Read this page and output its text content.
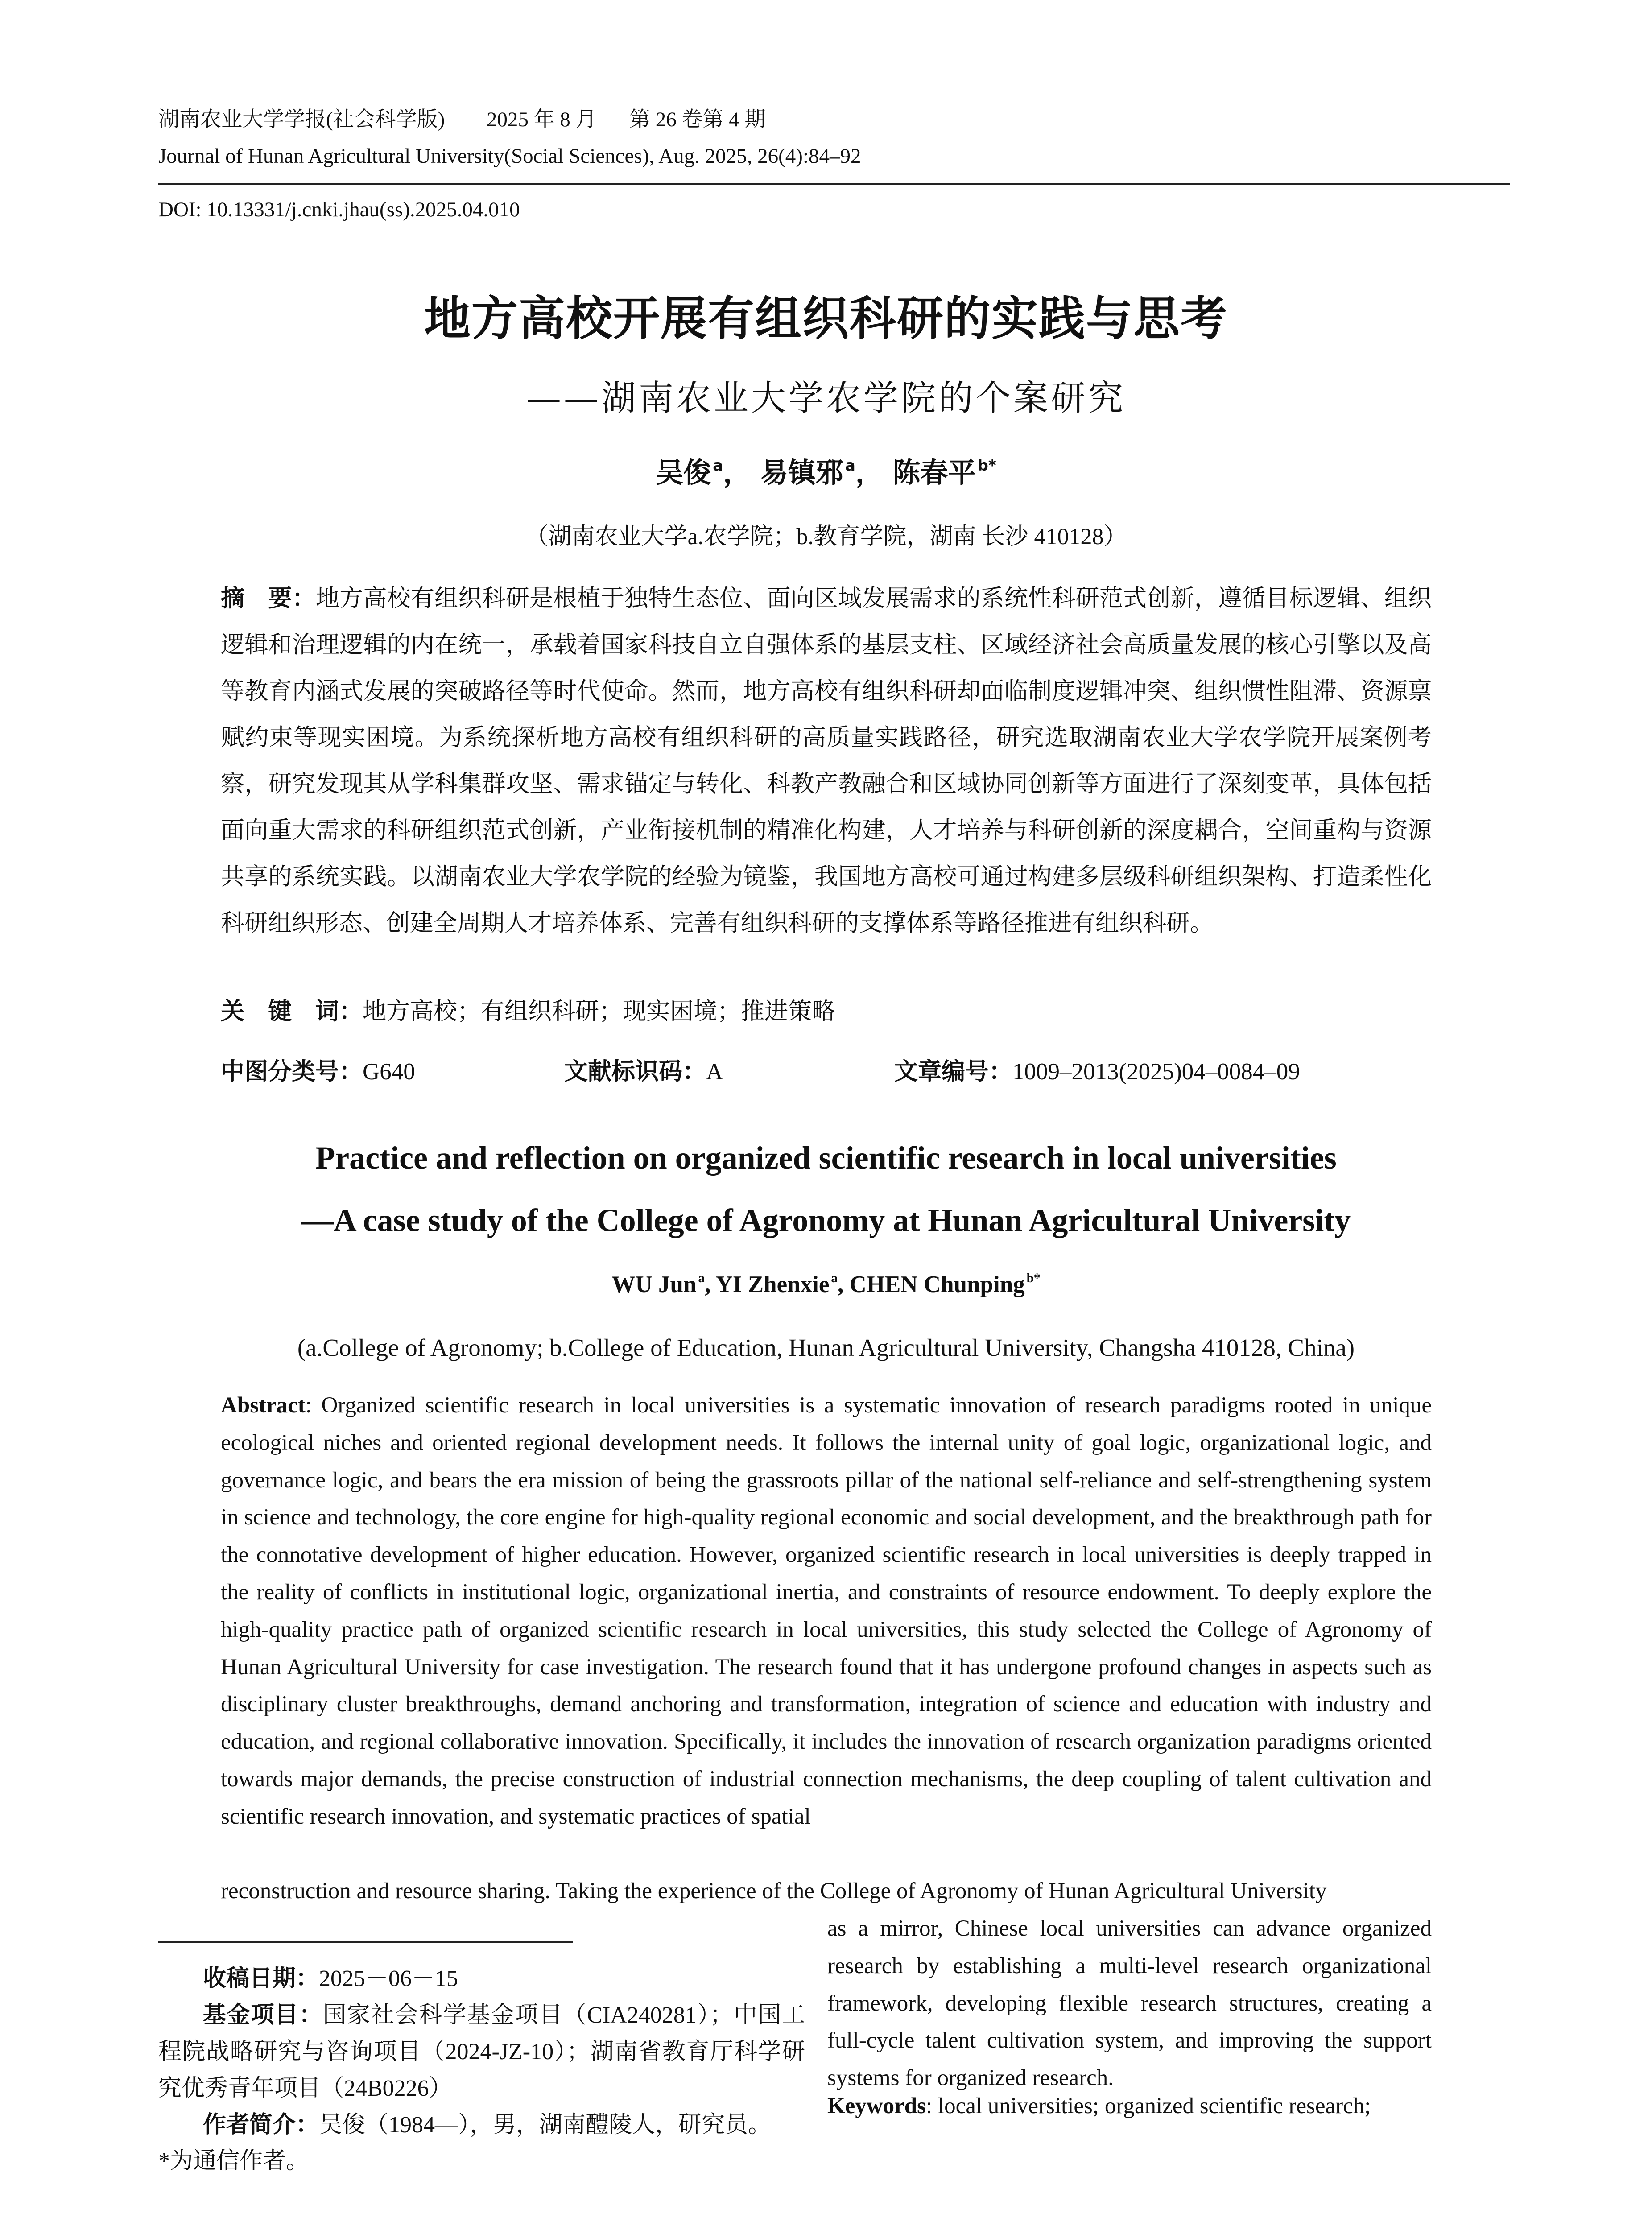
湖南农业大学学报(社会科学版) 2025 年 8 月 第 26 卷第 4 期
Journal of Hunan Agricultural University(Social Sciences), Aug. 2025, 26(4):84–92
DOI: 10.13331/j.cnki.jhau(ss).2025.04.010
地方高校开展有组织科研的实践与思考
——湖南农业大学农学院的个案研究
吴俊 $^a$， 易镇邪 $^a$， 陈春平 $^{b*}$
（湖南农业大学a.农学院；b.教育学院，湖南 长沙 410128）
摘　要：地方高校有组织科研是根植于独特生态位、面向区域发展需求的系统性科研范式创新，遵循目标逻辑、组织逻辑和治理逻辑的内在统一，承载着国家科技自立自强体系的基层支柱、区域经济社会高质量发展的核心引擎以及高等教育内涵式发展的突破路径等时代使命。然而，地方高校有组织科研却面临制度逻辑冲突、组织惯性阻滞、资源禀赋约束等现实困境。为系统探析地方高校有组织科研的高质量实践路径，研究选取湖南农业大学农学院开展案例考察，研究发现其从学科集群攻坚、需求锚定与转化、科教产教融合和区域协同创新等方面进行了深刻变革，具体包括面向重大需求的科研组织范式创新，产业衔接机制的精准化构建，人才培养与科研创新的深度耦合，空间重构与资源共享的系统实践。以湖南农业大学农学院的经验为镜鉴，我国地方高校可通过构建多层级科研组织架构、打造柔性化科研组织形态、创建全周期人才培养体系、完善有组织科研的支撑体系等路径推进有组织科研。
关　键　词：地方高校；有组织科研；现实困境；推进策略
中图分类号：G640	文献标识码：A	文章编号：1009–2013(2025)04–0084–09
Practice and reflection on organized scientific research in local universities
—A case study of the College of Agronomy at Hunan Agricultural University
WU Jun $^a$, YI Zhenxie $^a$, CHEN Chunping $^{b*}$
(a.College of Agronomy; b.College of Education, Hunan Agricultural University, Changsha 410128, China)
Abstract: Organized scientific research in local universities is a systematic innovation of research paradigms rooted in unique ecological niches and oriented regional development needs. It follows the internal unity of goal logic, organizational logic, and governance logic, and bears the era mission of being the grassroots pillar of the national self-reliance and self-strengthening system in science and technology, the core engine for high-quality regional economic and social development, and the breakthrough path for the connotative development of higher education. However, organized scientific research in local universities is deeply trapped in the reality of conflicts in institutional logic, organizational inertia, and constraints of resource endowment. To deeply explore the high-quality practice path of organized scientific research in local universities, this study selected the College of Agronomy of Hunan Agricultural University for case investigation. The research found that it has undergone profound changes in aspects such as disciplinary cluster breakthroughs, demand anchoring and transformation, integration of science and education with industry and education, and regional collaborative innovation. Specifically, it includes the innovation of research organization paradigms oriented towards major demands, the precise construction of industrial connection mechanisms, the deep coupling of talent cultivation and scientific research innovation, and systematic practices of spatial
reconstruction and resource sharing. Taking the experience of the College of Agronomy of Hunan Agricultural University
as a mirror, Chinese local universities can advance organized research by establishing a multi-level research organizational framework, developing flexible research structures, creating a full-cycle talent cultivation system, and improving the support systems for organized research.
Keywords: local universities; organized scientific research;
收稿日期：2025－06－15
基金项目：国家社会科学基金项目（CIA240281）；中国工程院战略研究与咨询项目（2024-JZ-10）；湖南省教育厅科学研究优秀青年项目（24B0226）
作者简介：吴俊（1984—），男，湖南醴陵人，研究员。
*为通信作者。
